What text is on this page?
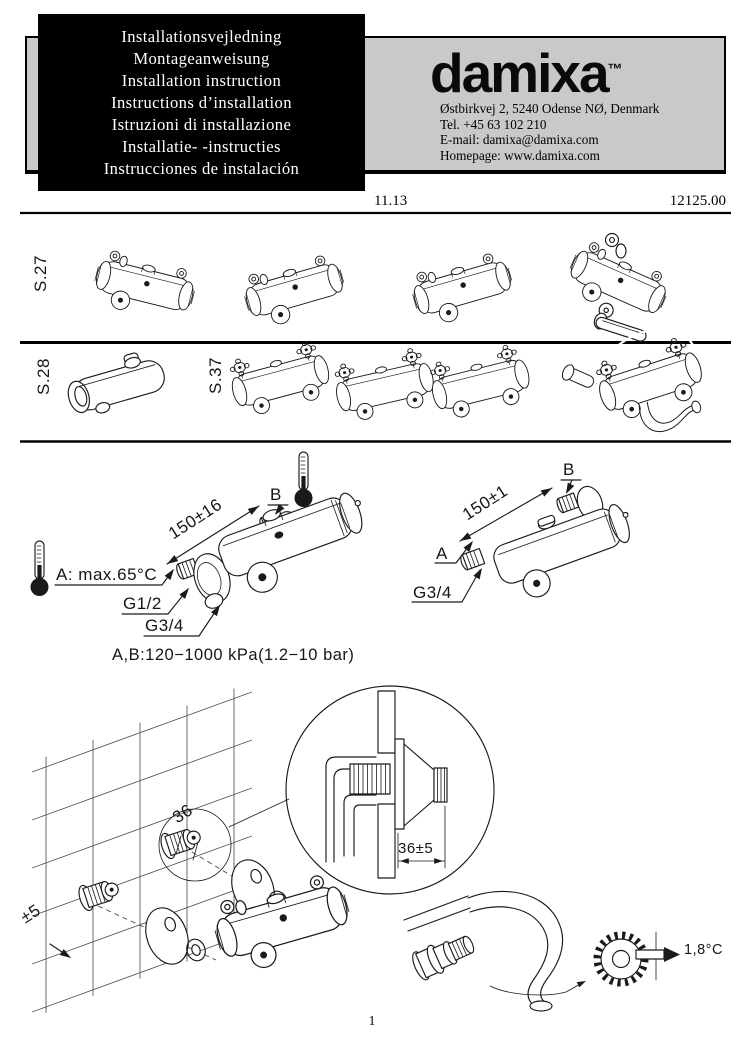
Installationsvejledning
Montageanweisung
Installation instruction
Instructions d’installation
Istruzioni di installazione
Installatie- -instructies
Instrucciones de instalación
damixa™
Østbirkvej 2, 5240 Odense NØ, Denmark
Tel. +45 63 102 210
E-mail: damixa@damixa.com
Homepage: www.damixa.com
11.13	12125.00
S.27
S.28	S.37
B
150±16
A: max.65°C
G1/2
G3/4
A,B:120−1000 kPa(1.2−10 bar)
B
150±1
A
G3/4
36
±5
36±5
1,8°C
1
